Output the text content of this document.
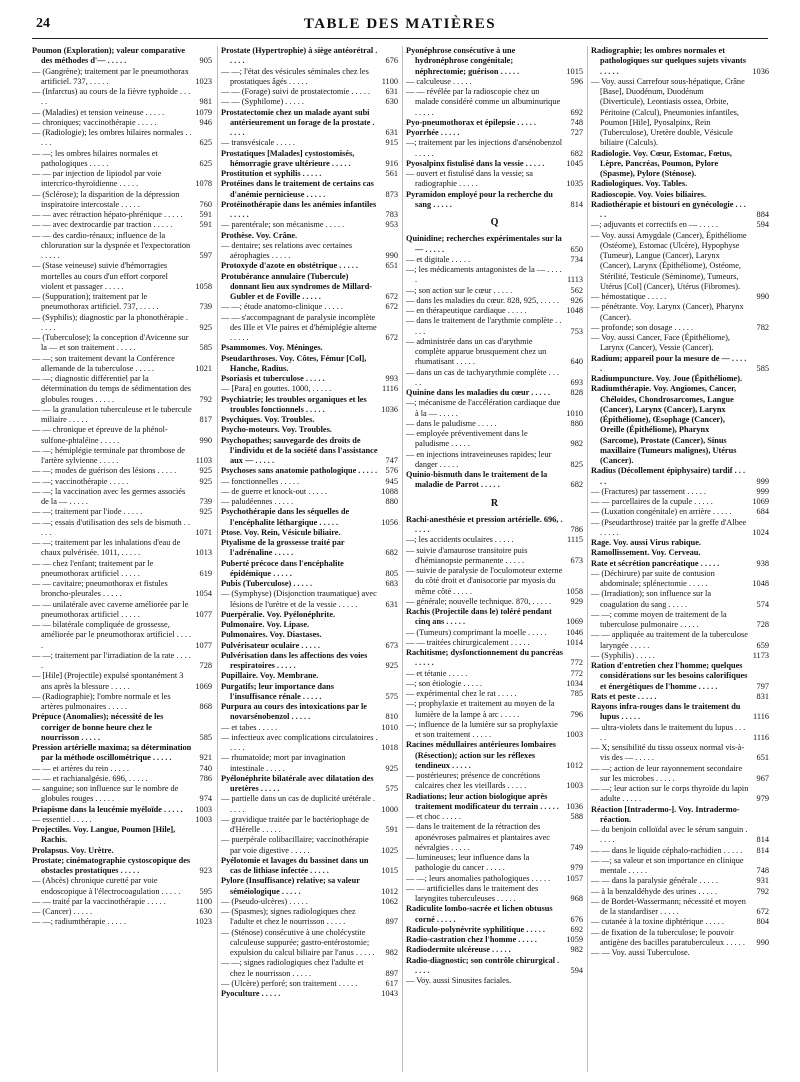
24	TABLE DES MATIÈRES
Poumon (Exploration); valeur comparative des méthodes d'— . . . . .	905
— (Gangrène); traitement par le pneumothorax artificiel. 737, . . . . .	1023
— (Infarctus) au cours de la fièvre typhoïde . . . . .	981
— (Maladies) et tension veineuse . . . . .	1079
— chroniques; vaccinothérapie . . . . .	946
— (Radiologie); les ombres hilaires normales . . . . .	625
— —; les ombres hilaires normales et pathologiques . . . . .	625
— — par injection de lipiodol par voie intercrico-thyroïdienne . . . . .	1078
— (Sclérose); la disparition de la dépression inspiratoire intercostale . . . . .	760
— — avec rétraction hépato-phrénique . . . . . 591
— — avec dextrocardie par traction . . . . .	591
— — des cardio-rénaux; influence de la chloruration sur la dyspnée et l'expectoration . . . . .	597
— (Stase veineuse) suivie d'hémorragies mortelles au cours d'un effort corporel violent et passager . . . . .	1058
— (Suppuration); traitement par le pneumothorax artificiel. 737, . . . . .	739
— (Syphilis); diagnostic par la phonothérapie . . . . .	925
— (Tuberculose); la conception d'Avicenne sur la — et son traitement . . . . .	585
— —; son traitement devant la Conférence allemande de la tuberculose . . . . .	1021
— —; diagnostic différentiel par la détermination du temps de sédimentation des globules rouges . . . . .	792
— — la granulation tuberculeuse et le tubercule miliaire . . . . .	817
— — chronique et épreuve de la phénol-sulfone-phtaléine . . . . .	990
— —; hémiplégie terminale par thrombose de l'artère sylvienne . . . . .	1103
— —; modes de guérison des lésions . . . . .	925
— —; vaccinothérapie . . . . .	925
— —; la vaccination avec les germes associés de la — . . . . .	739
— —; traitement par l'iode . . . . .	925
— —; essais d'utilisation des sels de bismuth . . . . .	1071
— —; traitement par les inhalations d'eau de chaux pulvérisée. 1011, . . . . .	1013
— — chez l'enfant; traitement par le pneumothorax artificiel . . . . .	619
— — cavitaire; pneumothorax et fistules broncho-pleurales . . . . .	1054
— — unilatérale avec caverne améliorée par le pneumothorax artificiel . . . . .	1077
— — bilatérale compliquée de grossesse, améliorée par le pneumothorax artificiel . . . . .	1077
— —; traitement par l'irradiation de la rate . . . . .	728
— [Hile] (Projectile) expulsé spontanément 3 ans après la blessure . . . . .	1069
— (Radiographie); l'ombre normale et les artères pulmonaires . . . . .	868
Prépuce (Anomalies); nécessité de les corriger de bonne heure chez le nourrisson . . . . .	585
Pression artérielle maxima; sa détermination par la méthode oscillométrique . . . . .	921
— — et artères du rein . . . . .	740
— — et rachianalgésie. 696, . . . . .	786
— sanguine; son influence sur le nombre de globules rouges . . . . .	974
Priapisme dans la leucémie myéloïde . . . . . 1003
— essentiel . . . . .	1003
Projectiles. Voy. Langue, Poumon [Hile], Rachis.
Prolapsus. Voy. Urètre.
Prostate; cinématographie cystoscopique des obstacles prostatiques . . . . .	923
— (Abcès) chronique curetté par voie endoscopique à l'électrocoagulation . . . . . 595
— — traité par la vaccinothérapie . . . . .	1100
— (Cancer) . . . . .	630
— —; radiumthérapie . . . . .	1023
Prostate (Hypertrophie) à siège antéorétral . . . . .	676
— —; l'état des vésicules séminales chez les prostatiques âgés . . . . .	1100
— — (Forage) suivi de prostatectomie . . . . . 631
— — (Syphilome) . . . . .	630
Prostatectomie chez un malade ayant subi antérieurement un forage de la prostate . . . . .	631
— transvésicale . . . . .	915
Prostatiques [Malades] cystostomisés, hémorragie grave ultérieure . . . . .	916
Prostitution et syphilis . . . . .	561
Protéines dans le traitement de certains cas d'anémie pernicieuse . . . . .	873
Protéinothérapie dans les anémies infantiles . . . . .	783
— parentérale; son mécanisme . . . . .	953
Prothèse. Voy. Crâne.
— dentaire; ses relations avec certaines aérophagies . . . . .	990
Protoxyde d'azote en obstétrique . . . . .	651
Protubérance annulaire (Tubercule) donnant lieu aux syndromes de Millard-Gubler et de Foville . . . . .	672
— —; étude anatomo-clinique . . . . .	672
— — s'accompagnant de paralysie incomplète des IIIe et VIe paires et d'hémiplégie alterne . . . . .	672
Psammomes. Voy. Méninges.
Pseudarthroses. Voy. Côtes, Fémur [Col], Hanche, Radius.
Psoriasis et tuberculose . . . . .	993
— [Para] en gouttes. 1000, . . . . .	1116
Psychiatrie; les troubles organiques et les troubles fonctionnels . . . . .	1036
Psychiques. Voy. Troubles.
Psycho-moteurs. Voy. Troubles.
Psychopathes; sauvegarde des droits de l'individu et de la société dans l'assistance aux — . . . . .	747
Psychoses sans anatomie pathologique . . . . . 576
— fonctionnelles . . . . .	945
— de guerre et knock-out . . . . .	1088
— paludéennes . . . . .	880
Psychothérapie dans les séquelles de l'encéphalite léthargique . . . . .	1056
Ptose. Voy. Rein, Vésicule biliaire.
Ptyalisme de la grossesse traité par l'adrénaline . . . . .	682
Puberté précoce dans l'encéphalite épidémique . . . . .	805
Pubis (Tuberculose) . . . . .	683
— (Symphyse) (Disjonction traumatique) avec lésions de l'urètre et de la vessie . . . . .	631
Puerpéralie. Voy. Pyélonéphrite.
Pulmonaire. Voy. Lipase.
Pulmonaires. Voy. Diastases.
Pulvérisateur oculaire . . . . .	673
Pulvérisation dans les affections des voies respiratoires . . . . .	925
Pupillaire. Voy. Membrane.
Purgatifs; leur importance dans l'insuffisance rénale . . . . .	575
Purpura au cours des intoxications par le novarsénobenzol . . . . .	810
— et tabes . . . . .	1010
— infectieux avec complications circulatoires . . . . .	1018
— rhumatoïde; mort par invagination intestinale . . . . .	925
Pyélonéphrite bilatérale avec dilatation des uretères . . . . .	575
— partielle dans un cas de duplicité urétérale . . . . .	1000
— gravidique traitée par le bactériophage de d'Hérelle . . . . .	591
— puerpérale colibacillaire; vaccinothérapie par voie digestive . . . . .	1025
Pyélotomie et lavages du bassinet dans un cas de lithiase infectée . . . . .	1015
Pylore (Insuffisance) relative; sa valeur séméiologique . . . . .	1012
— (Pseudo-ulcères) . . . . .	1062
— (Spasmes); signes radiologiques chez l'adulte et chez le nourrisson . . . . .	897
— (Sténose) consécutive à une cholécystite calculeuse suppurée; gastro-entérostomie; expulsion du calcul biliaire par l'anus . . . . . 982
— —; signes radiologiques chez l'adulte et chez le nourrisson . . . . .	897
— (Ulcère) perforé; son traitement . . . . .	617
Pyoculture . . . . .	1043
Pyonéphrose consécutive à une hydronéphrose congénitale; néphrectomie; guérison . . . . .	1015
— calculeuse . . . . .	596
— — révélée par la radioscopie chez un malade considéré comme un albuminurique . . . . .	692
Pyo-pneumothorax et épilepsie . . . . .	748
Pyorrhée . . . . .	727
—; traitement par les injections d'arsénobenzol . . . . .	682
Pyosalpinx fistulisé dans la vessie . . . . .	1045
— ouvert et fistulisé dans la vessie; sa radiographie . . . . .	1035
Pyramidon employé pour la recherche du sang . . . . .	814
Q
Quinidine; recherches expérimentales sur la — . . . . .	650
— et digitale . . . . .	734
—; les médicaments antagonistes de la — . . . . .	1113
—; son action sur le cœur . . . . .	562
— dans les maladies du cœur. 828, 925, . . . . . 926
— en thérapeutique cardiaque . . . . .	1048
— dans le traitement de l'arythmie complète . . . . .	753
— administrée dans un cas d'arythmie complète apparue brusquement chez un rhumatisant . . . . .	640
— dans un cas de tachyarythmie complète . . . . .	693
Quinine dans les maladies du cœur . . . . . 828
—; mécanisme de l'accélération cardiaque due à la — . . . . .	1010
— dans le paludisme . . . . .	880
— employée préventivement dans le paludisme . . . . .	982
— en injections intraveineuses rapides; leur danger . . . . .	825
Quinio-bismuth dans le traitement de la maladie de Parrot . . . . .	682
R
Rachi-anesthésie et pression artérielle. 696, . . . . .	786
—; les accidents oculaires . . . . .	1115
— suivie d'amaurose transitoire puis d'hémianopsie permanente . . . . .	673
— suivie de paralysie de l'oculomoteur externe du côté droit et d'anisocorie par myosis du même côté . . . . .	1058
— générale; nouvelle technique. 870, . . . . . 929
Rachis (Projectile dans le) toléré pendant cinq ans . . . . .	1069
— (Tumeurs) comprimant la moelle . . . . . 1046
— — traitées chirurgicalement . . . . .	1014
Rachitisme; dysfonctionnement du pancréas . . . . .	772
— et tétanie . . . . .	772
—; son étiologie . . . . .	1034
— expérimental chez le rat . . . . .	785
—; prophylaxie et traitement au moyen de la lumière de la lampe à arc . . . . .	796
—; influence de la lumière sur sa prophylaxie et son traitement . . . . .	1003
Racines médullaires antérieures lombaires (Résection); action sur les réflexes tendineux . . . . .	1012
— postérieures; présence de concrétions calcaires chez les vieillards . . . . .	1003
Radiations; leur action biologique après traitement modificateur du terrain . . . . . 1036
— et choc . . . . .	588
— dans le traitement de la rétraction des aponévroses palmaires et plantaires avec névralgies . . . . .	749
— lumineuses; leur influence dans la pathologie du cancer . . . . .	979
— —; leurs anomalies pathologiques . . . . . 1057
— — artificielles dans le traitement des laryngites tuberculeuses . . . . .	968
Radiculite lombo-sacrée et lichen obtusus corné . . . . .	676
Radiculo-polynévrite syphilitique . . . . .	692
Radio-castration chez l'homme . . . . .	1059
Radiodermite ulcéreuse . . . . .	982
Radio-diagnostic; son contrôle chirurgical . . . . .	594
— Voy. aussi Sinusites faciales.
Radiographie; les ombres normales et pathologiques sur quelques sujets vivants . . . . .	1036
— Voy. aussi Carrefour sous-hépatique, Crâne [Base], Duodénum, Duodénum (Diverticule), Leontiasis ossea, Orbite, Péritoine (Calcul), Pneumonies infantiles, Poumon [Hile], Pyosalpinx, Rein (Tuberculose), Uretère double, Vésicule biliaire (Calculs).
Radiologie. Voy. Cœur, Estomac, Fœtus, Lèpre, Pancréas, Poumon, Pylore (Spasme), Pylore (Sténose).
Radiologiques. Voy. Tables.
Radioscopie. Voy. Voies biliaires.
Radiothérapie et bistouri en gynécologie . . . . .	884
—; adjuvants et correctifs en — . . . . .	594
— Voy. aussi Amygdale (Cancer), Épithéliome (Ostéome), Estomac (Ulcère), Hypophyse (Tumeur), Langue (Cancer), Larynx (Cancer), Larynx (Épithéliome), Ostéome, Stérilité, Testicule (Séminome), Tumeurs, Utérus [Col] (Cancer), Utérus (Fibromes).
— hémostatique . . . . .	990
— pénétrante. Voy. Larynx (Cancer), Pharynx (Cancer).
— profonde; son dosage . . . . .	782
— Voy. aussi Cancer, Face (Épithéliome), Larynx (Cancer), Vessie (Cancer).
Radium; appareil pour la mesure de — . . . . .	585
Radiumpuncture. Voy. Joue (Épithéliome).
Radiumthérapie. Voy. Angiomes, Cancer, Chéloïdes, Chondrosarcomes, Langue (Cancer), Larynx (Cancer), Larynx (Épithéliome), Œsophage (Cancer), Oreille (Épithéliome), Pharynx (Sarcome), Prostate (Cancer), Sinus maxillaire (Tumeurs malignes), Utérus (Cancer).
Radius (Décollement épiphysaire) tardif . . . . .	999
— (Fractures) par tassement . . . . .	999
— — parcellaires de la cupule . . . . .	1069
— (Luxation congénitale) en arrière . . . . .	684
— (Pseudarthrose) traitée par la greffe d'Albee . . . . .	1024
Rage. Voy. aussi Virus rabique.
Ramollissement. Voy. Cerveau.
Rate et sécrétion pancréatique . . . . .	938
— (Déchirure) par suite de contusion abdominale; splénectomie . . . . .	1048
— (Irradiation); son influence sur la coagulation du sang . . . . .	574
— —; comme moyen de traitement de la tuberculose pulmonaire . . . . .	728
— — appliquée au traitement de la tuberculose laryngée . . . . .	659
— (Syphilis) . . . . .	1173
Ration d'entretien chez l'homme; quelques considérations sur les besoins calorifiques et énergétiques de l'homme . . . . .	797
Rats et peste . . . . .	831
Rayons infra-rouges dans le traitement du lupus . . . . .	1116
— ultra-violets dans le traitement du lupus . . . . .	1116
— X; sensibilité du tissu osseux normal vis-à-vis des — . . . . .	651
— —; action de leur rayonnement secondaire sur les microbes . . . . .	967
— —; leur action sur le corps thyroïde du lapin adulte . . . . .	979
Réaction [Intradermo-]. Voy. Intradermo-réaction.
— du benjoin colloïdal avec le sérum sanguin . . . . .	814
— — dans le liquide céphalo-rachidien . . . . . 814
— —; sa valeur et son importance en clinique mentale . . . . .	748
— — dans la paralysie générale . . . . .	931
— à la benzaldéhyde des urines . . . . .	792
— de Bordet-Wassermann; nécessité et moyen de la standardiser . . . . .	672
— cutanée à la toxine diphtérique . . . . .	804
— de fixation de la tuberculose; le pouvoir antigène des bacilles paratuberculeux . . . . . 990
— — Voy. aussi Tuberculose.
